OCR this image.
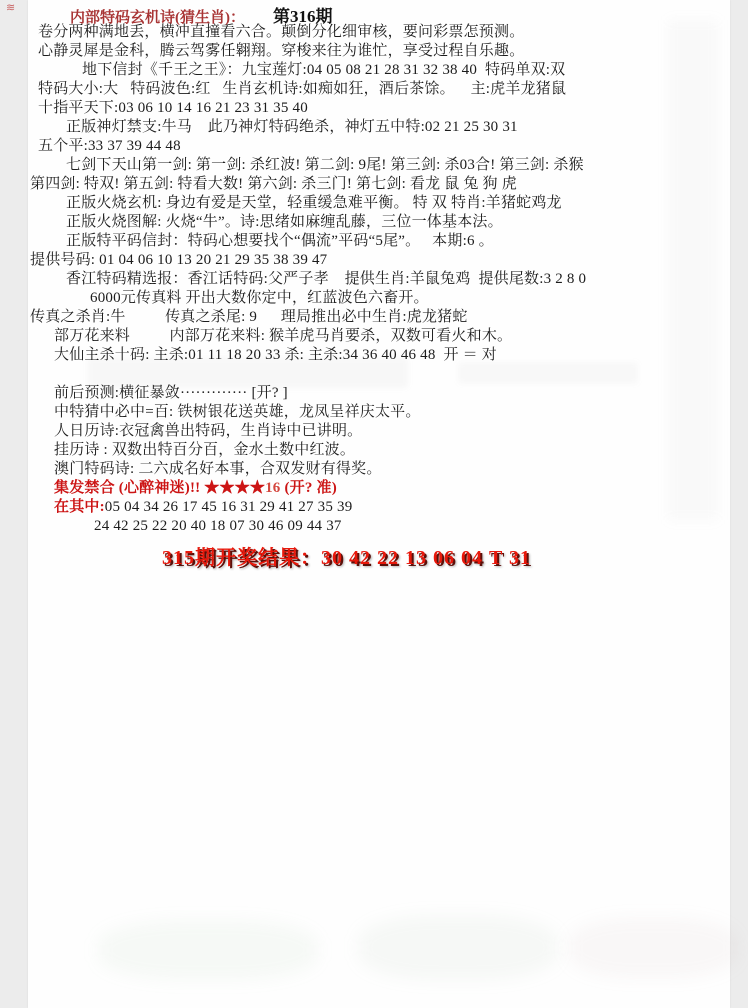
≋
内部特码玄机诗(猜生肖)： 第316期
卷分两种满地丢，横冲直撞看六合。颠倒分化细审核，要问彩票怎预测。
心静灵犀是金科，腾云驾雾任翱翔。穿梭来往为谁忙，享受过程自乐趣。
地下信封《千王之王》：九宝莲灯:04 05 08 21 28 31 32 38 40  特码单双:双
特码大小:大   特码波色:红   生肖玄机诗:如痴如狂，酒后茶馀。    主:虎羊龙猪鼠
十指平天下:03 06 10 14 16 21 23 31 35 40
正版神灯禁支:牛马    此乃神灯特码绝杀，神灯五中特:02 21 25 30 31
五个平:33 37 39 44 48
七剑下天山第一剑: 第一剑: 杀红波! 第二剑: 9尾! 第三剑: 杀03合! 第三剑: 杀猴
第四剑: 特双! 第五剑: 特看大数! 第六剑: 杀三门! 第七剑: 看龙 鼠 兔 狗 虎
正版火烧玄机: 身边有爱是天堂，轻重缓急难平衡。 特 双 特肖:羊猪蛇鸡龙
正版火烧图解: 火烧“牛”。诗:思绪如麻缠乱藤，三位一体基本法。
正版特平码信封：特码心想要找个“偶流”平码“5尾”。   本期:6 。
提供号码: 01 04 06 10 13 20 21 29 35 38 39 47
香江特码精选报：香江话特码:父严子孝    提供生肖:羊鼠兔鸡  提供尾数:3 2 8 0
6000元传真料 开出大数你定中，红蓝波色六畜开。
传真之杀肖:牛          传真之杀尾: 9      理局推出必中生肖:虎龙猪蛇
部万花来料          内部万花来料: 猴羊虎马肖要杀，双数可看火和木。
大仙主杀十码: 主杀:01 11 18 20 33 杀: 主杀:34 36 40 46 48  开 ＝ 对
前后预测:横征暴敛············· [开? ]
中特猜中必中=百: 铁树银花送英雄，龙凤呈祥庆太平。
人日历诗:衣冠禽兽出特码，生肖诗中已讲明。
挂历诗 : 双数出特百分百，金水土数中红波。
澳门特码诗: 二六成名好本事，合双发财有得奖。
集发禁合 (心醉神迷)!! ★★★★16 (开? 准)
在其中:05 04 34 26 17 45 16 31 29 41 27 35 39
24 42 25 22 20 40 18 07 30 46 09 44 37
315期开奖结果：30 42 22 13 06 04 T 31
